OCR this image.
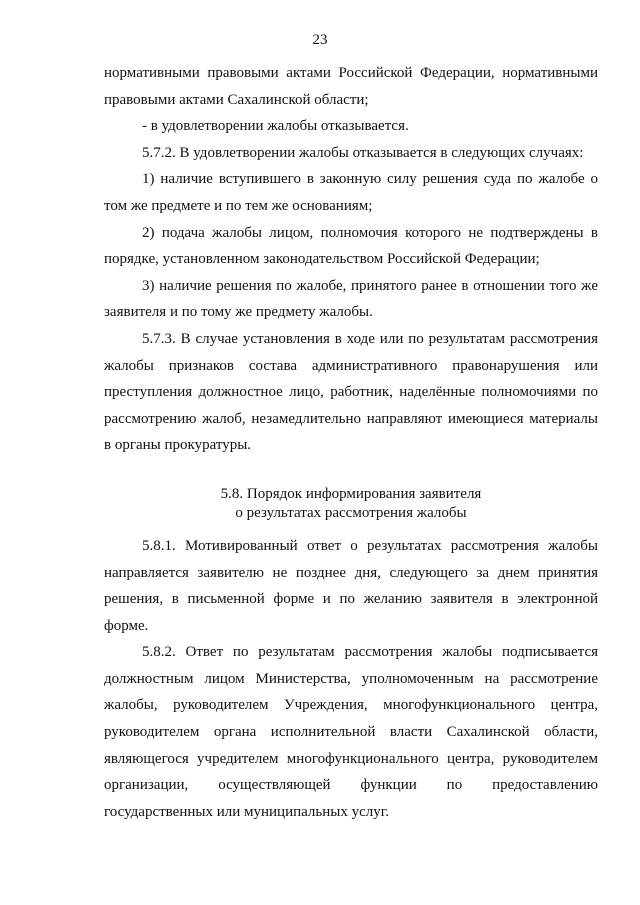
23

нормативными правовыми актами Российской Федерации, нормативными правовыми актами Сахалинской области;

- в удовлетворении жалобы отказывается.

5.7.2. В удовлетворении жалобы отказывается в следующих случаях:

1) наличие вступившего в законную силу решения суда по жалобе о том же предмете и по тем же основаниям;

2) подача жалобы лицом, полномочия которого не подтверждены в порядке, установленном законодательством Российской Федерации;

3) наличие решения по жалобе, принятого ранее в отношении того же заявителя и по тому же предмету жалобы.

5.7.3. В случае установления в ходе или по результатам рассмотрения жалобы признаков состава административного правонарушения или преступления должностное лицо, работник, наделённые полномочиями по рассмотрению жалоб, незамедлительно направляют имеющиеся материалы в органы прокуратуры.

5.8. Порядок информирования заявителя
о результатах рассмотрения жалобы

5.8.1. Мотивированный ответ о результатах рассмотрения жалобы направляется заявителю не позднее дня, следующего за днем принятия решения, в письменной форме и по желанию заявителя в электронной форме.

5.8.2. Ответ по результатам рассмотрения жалобы подписывается должностным лицом Министерства, уполномоченным на рассмотрение жалобы, руководителем Учреждения, многофункционального центра, руководителем органа исполнительной власти Сахалинской области, являющегося учредителем многофункционального центра, руководителем организации, осуществляющей функции по предоставлению государственных или муниципальных услуг.
